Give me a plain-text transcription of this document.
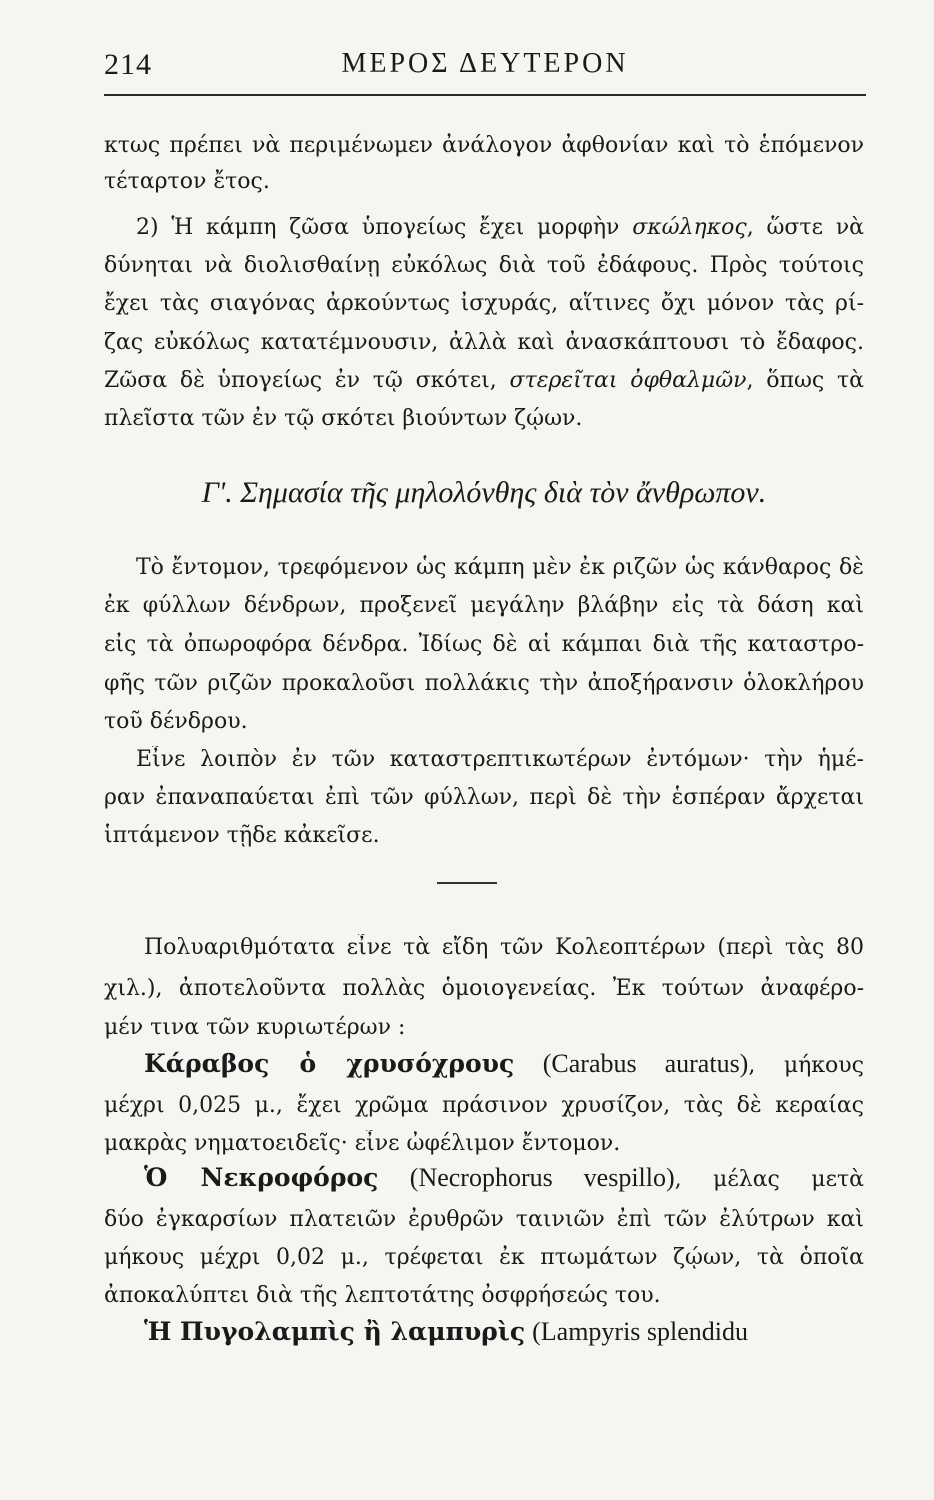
214	ΜΕΡΟΣ ΔΕΥΤΕΡΟΝ
κτως πρέπει νὰ περιμένωμεν ἀνάλογον ἀφθονίαν καὶ τὸ ἑπόμενον
τέταρτον ἔτος.
2) Ἡ κάμπη ζῶσα ὑπογείως ἔχει μορφὴν σκώληκος, ὥστε νὰ
δύνηται νὰ διολισθαίνῃ εὐκόλως διὰ τοῦ ἐδάφους. Πρὸς τούτοις
ἔχει τὰς σιαγόνας ἀρκούντως ἰσχυράς, αἵτινες ὄχι μόνον τὰς ρί-
ζας εὐκόλως κατατέμνουσιν, ἀλλὰ καὶ ἀνασκάπτουσι τὸ ἔδαφος.
Ζῶσα δὲ ὑπογείως ἐν τῷ σκότει, στερεῖται ὀφθαλμῶν, ὅπως τὰ
πλεῖστα τῶν ἐν τῷ σκότει βιούντων ζῴων.
Γ'. Σημασία τῆς μηλολόνθης διὰ τὸν ἄνθρωπον.
Τὸ ἔντομον, τρεφόμενον ὡς κάμπη μὲν ἐκ ριζῶν ὡς κάνθαρος δὲ
ἐκ φύλλων δένδρων, προξενεῖ μεγάλην βλάβην εἰς τὰ δάση καὶ
εἰς τὰ ὀπωροφόρα δένδρα. Ἰδίως δὲ αἱ κάμπαι διὰ τῆς καταστρο-
φῆς τῶν ριζῶν προκαλοῦσι πολλάκις τὴν ἀποξήρανσιν ὁλοκλήρου
τοῦ δένδρου.
Εἶνε λοιπὸν ἐν τῶν καταστρεπτικωτέρων ἐντόμων· τὴν ἡμέ-
ραν ἐπαναπαύεται ἐπὶ τῶν φύλλων, περὶ δὲ τὴν ἑσπέραν ἄρχεται
ἱπτάμενον τῇδε κἀκεῖσε.
Πολυαριθμότατα εἶνε τὰ εἴδη τῶν Κολεοπτέρων (περὶ τὰς 80
χιλ.), ἀποτελοῦντα πολλὰς ὁμοιογενείας. Ἐκ τούτων ἀναφέρο-
μέν τινα τῶν κυριωτέρων :
Κάραβος ὁ χρυσόχρους (Carabus auratus), μήκους
μέχρι 0,025 μ., ἔχει χρῶμα πράσινον χρυσίζον, τὰς δὲ κεραίας
μακρὰς νηματοειδεῖς· εἶνε ὠφέλιμον ἔντομον.
Ὁ Νεκροφόρος (Necrophorus vespillo), μέλας μετὰ
δύο ἐγκαρσίων πλατειῶν ἐρυθρῶν ταινιῶν ἐπὶ τῶν ἐλύτρων καὶ
μήκους μέχρι 0,02 μ., τρέφεται ἐκ πτωμάτων ζῴων, τὰ ὁποῖα
ἀποκαλύπτει διὰ τῆς λεπτοτάτης ὀσφρήσεώς του.
Ἡ Πυγολαμπὶς ἢ λαμπυρὶς (Lampyris splendidu
